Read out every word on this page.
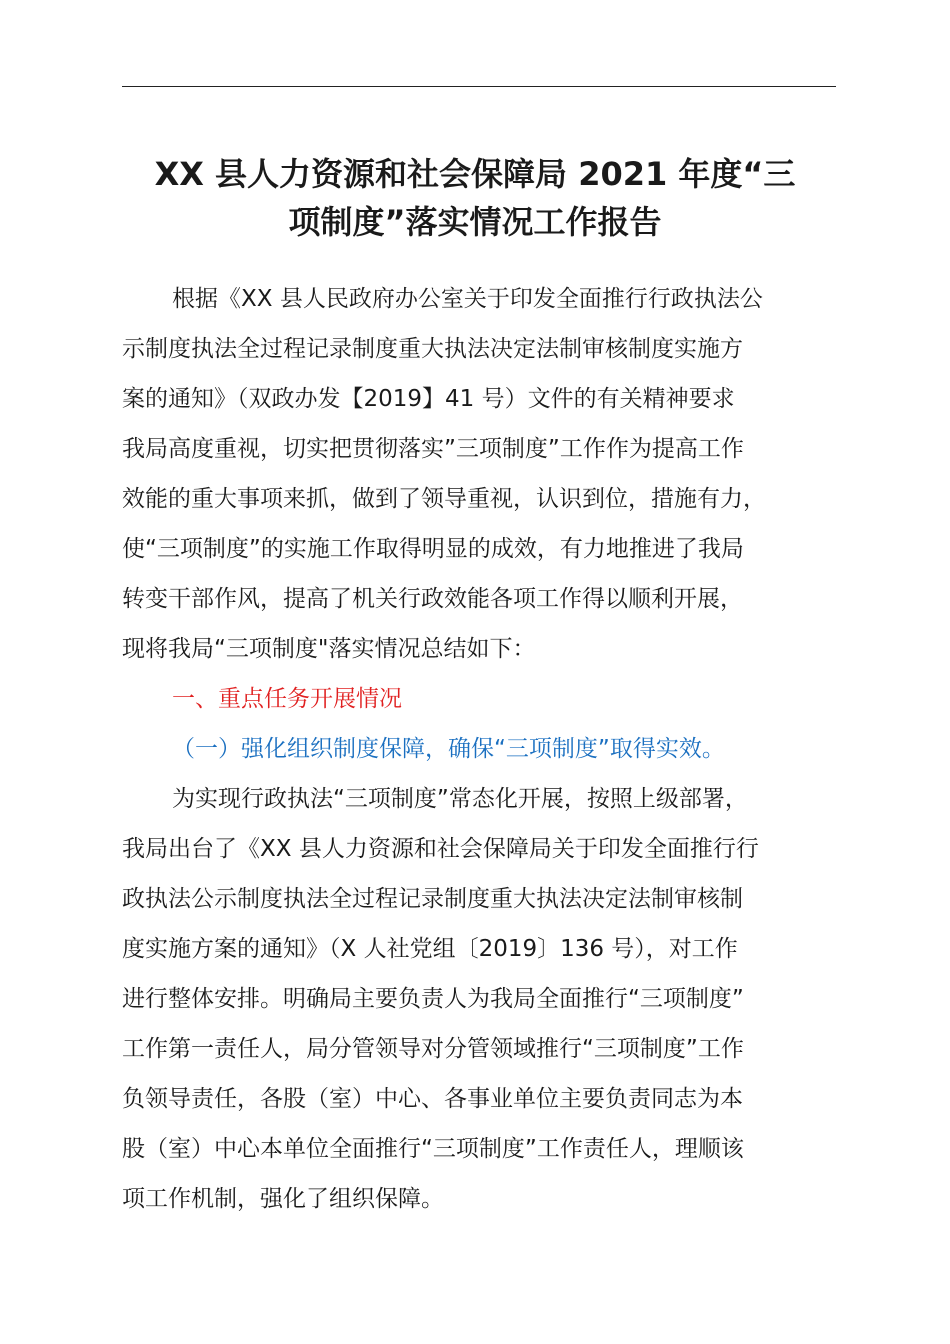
XX 县人力资源和社会保障局 2021 年度“三
项制度”落实情况工作报告
根据《XX 县人民政府办公室关于印发全面推行行政执法公
示制度执法全过程记录制度重大执法决定法制审核制度实施方
案的通知》（双政办发【2019】41 号）文件的有关精神要求
我局高度重视，切实把贯彻落实”三项制度”工作作为提高工作
效能的重大事项来抓，做到了领导重视，认识到位，措施有力，
使“三项制度”的实施工作取得明显的成效，有力地推进了我局
转变干部作风，提高了机关行政效能各项工作得以顺利开展，
现将我局“三项制度"落实情况总结如下：
一、重点任务开展情况
（一）强化组织制度保障，确保“三项制度”取得实效。
为实现行政执法“三项制度”常态化开展，按照上级部署，
我局出台了《XX 县人力资源和社会保障局关于印发全面推行行
政执法公示制度执法全过程记录制度重大执法决定法制审核制
度实施方案的通知》（X 人社党组〔2019〕136 号），对工作
进行整体安排。明确局主要负责人为我局全面推行“三项制度”
工作第一责任人，局分管领导对分管领域推行“三项制度”工作
负领导责任，各股（室）中心、各事业单位主要负责同志为本
股（室）中心本单位全面推行“三项制度”工作责任人，理顺该
项工作机制，强化了组织保障。
